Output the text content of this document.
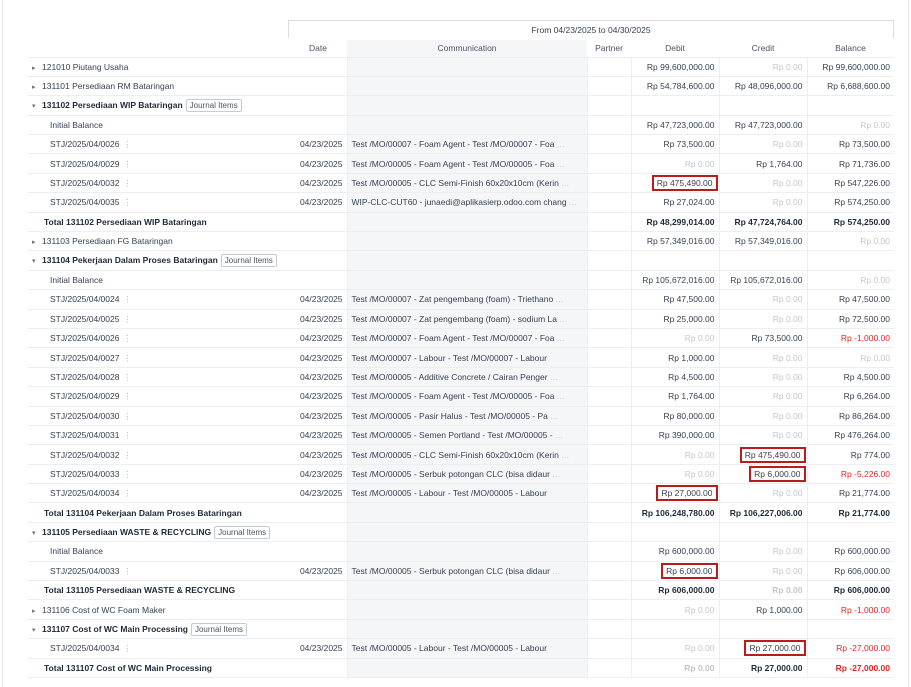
From 04/23/2025 to 04/30/2025
	Date	Communication	Partner	Debit	Credit	Balance
▸ 121010 Piutang Usaha				Rp 99,600,000.00	Rp 0.00	Rp 99,600,000.00
▸ 131101 Persediaan RM Bataringan				Rp 54,784,600.00	Rp 48,096,000.00	Rp 6,688,600.00
▾ 131102 Persediaan WIP Bataringan Journal Items						
Initial Balance				Rp 47,723,000.00	Rp 47,723,000.00	Rp 0.00
STJ/2025/04/0026 ⋮	04/23/2025	Test /MO/00007 - Foam Agent - Test /MO/00007 - Foa …		Rp 73,500.00	Rp 0.00	Rp 73,500.00
STJ/2025/04/0029 ⋮	04/23/2025	Test /MO/00005 - Foam Agent - Test /MO/00005 - Foa …		Rp 0.00	Rp 1,764.00	Rp 71,736.00
STJ/2025/04/0032 ⋮	04/23/2025	Test /MO/00005 - CLC Semi-Finish 60x20x10cm (Kerin …		Rp 475,490.00	Rp 0.00	Rp 547,226.00
STJ/2025/04/0035 ⋮	04/23/2025	WIP-CLC-CUT60 - junaedi@aplikasierp.odoo.com chang …		Rp 27,024.00	Rp 0.00	Rp 574,250.00
Total 131102 Persediaan WIP Bataringan				Rp 48,299,014.00	Rp 47,724,764.00	Rp 574,250.00
▸ 131103 Persediaan FG Bataringan				Rp 57,349,016.00	Rp 57,349,016.00	Rp 0.00
▾ 131104 Pekerjaan Dalam Proses Bataringan Journal Items						
Initial Balance				Rp 105,672,016.00	Rp 105,672,016.00	Rp 0.00
STJ/2025/04/0024 ⋮	04/23/2025	Test /MO/00007 - Zat pengembang (foam) - Triethano …		Rp 47,500.00	Rp 0.00	Rp 47,500.00
STJ/2025/04/0025 ⋮	04/23/2025	Test /MO/00007 - Zat pengembang (foam) - sodium La …		Rp 25,000.00	Rp 0.00	Rp 72,500.00
STJ/2025/04/0026 ⋮	04/23/2025	Test /MO/00007 - Foam Agent - Test /MO/00007 - Foa …		Rp 0.00	Rp 73,500.00	Rp -1,000.00
STJ/2025/04/0027 ⋮	04/23/2025	Test /MO/00007 - Labour - Test /MO/00007 - Labour		Rp 1,000.00	Rp 0.00	Rp 0.00
STJ/2025/04/0028 ⋮	04/23/2025	Test /MO/00005 - Additive Concrete / Cairan Penger …		Rp 4,500.00	Rp 0.00	Rp 4,500.00
STJ/2025/04/0029 ⋮	04/23/2025	Test /MO/00005 - Foam Agent - Test /MO/00005 - Foa …		Rp 1,764.00	Rp 0.00	Rp 6,264.00
STJ/2025/04/0030 ⋮	04/23/2025	Test /MO/00005 - Pasir Halus - Test /MO/00005 - Pa …		Rp 80,000.00	Rp 0.00	Rp 86,264.00
STJ/2025/04/0031 ⋮	04/23/2025	Test /MO/00005 - Semen Portland - Test /MO/00005 - …		Rp 390,000.00	Rp 0.00	Rp 476,264.00
STJ/2025/04/0032 ⋮	04/23/2025	Test /MO/00005 - CLC Semi-Finish 60x20x10cm (Kerin …		Rp 0.00	Rp 475,490.00	Rp 774.00
STJ/2025/04/0033 ⋮	04/23/2025	Test /MO/00005 - Serbuk potongan CLC (bisa didaur …		Rp 0.00	Rp 6,000.00	Rp -5,226.00
STJ/2025/04/0034 ⋮	04/23/2025	Test /MO/00005 - Labour - Test /MO/00005 - Labour		Rp 27,000.00	Rp 0.00	Rp 21,774.00
Total 131104 Pekerjaan Dalam Proses Bataringan				Rp 106,248,780.00	Rp 106,227,006.00	Rp 21,774.00
▾ 131105 Persediaan WASTE & RECYCLING Journal Items						
Initial Balance				Rp 600,000.00	Rp 0.00	Rp 600,000.00
STJ/2025/04/0033 ⋮	04/23/2025	Test /MO/00005 - Serbuk potongan CLC (bisa didaur …		Rp 6,000.00	Rp 0.00	Rp 606,000.00
Total 131105 Persediaan WASTE & RECYCLING				Rp 606,000.00	Rp 0.00	Rp 606,000.00
▸ 131106 Cost of WC Foam Maker				Rp 0.00	Rp 1,000.00	Rp -1,000.00
▾ 131107 Cost of WC Main Processing Journal Items						
STJ/2025/04/0034 ⋮	04/23/2025	Test /MO/00005 - Labour - Test /MO/00005 - Labour		Rp 0.00	Rp 27,000.00	Rp -27,000.00
Total 131107 Cost of WC Main Processing				Rp 0.00	Rp 27,000.00	Rp -27,000.00
